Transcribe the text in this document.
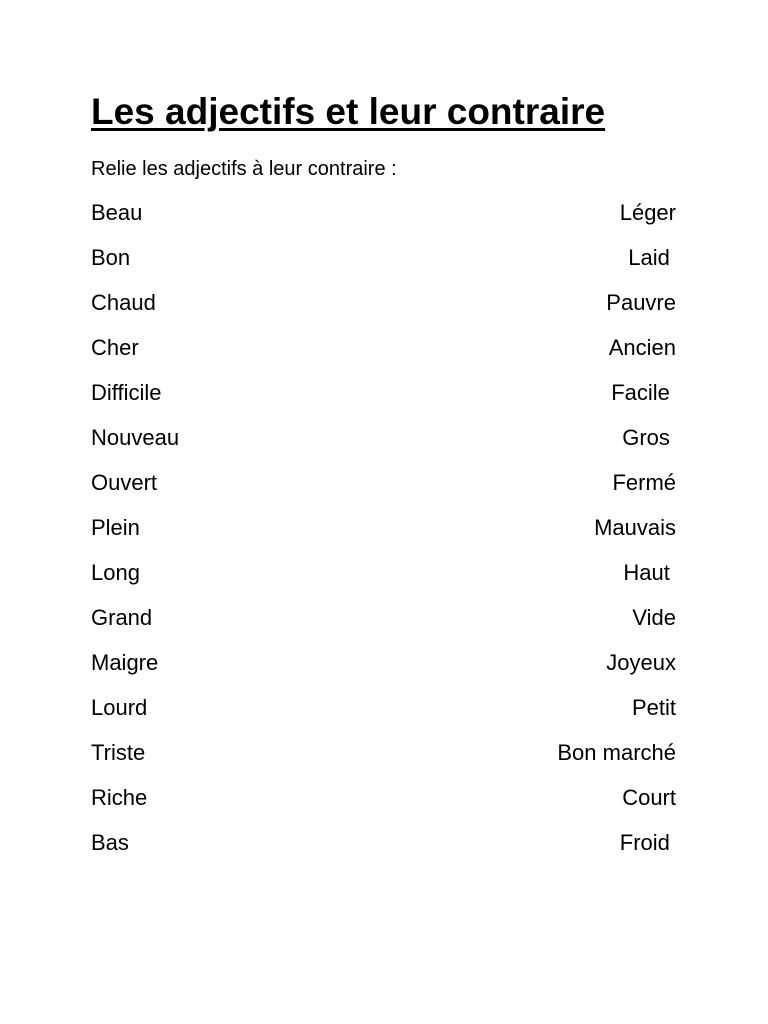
Les adjectifs et leur contraire
Relie les adjectifs à leur contraire :
Beau	Léger
Bon	Laid
Chaud	Pauvre
Cher	Ancien
Difficile	Facile
Nouveau	Gros
Ouvert	Fermé
Plein	Mauvais
Long	Haut
Grand	Vide
Maigre	Joyeux
Lourd	Petit
Triste	Bon marché
Riche	Court
Bas	Froid
